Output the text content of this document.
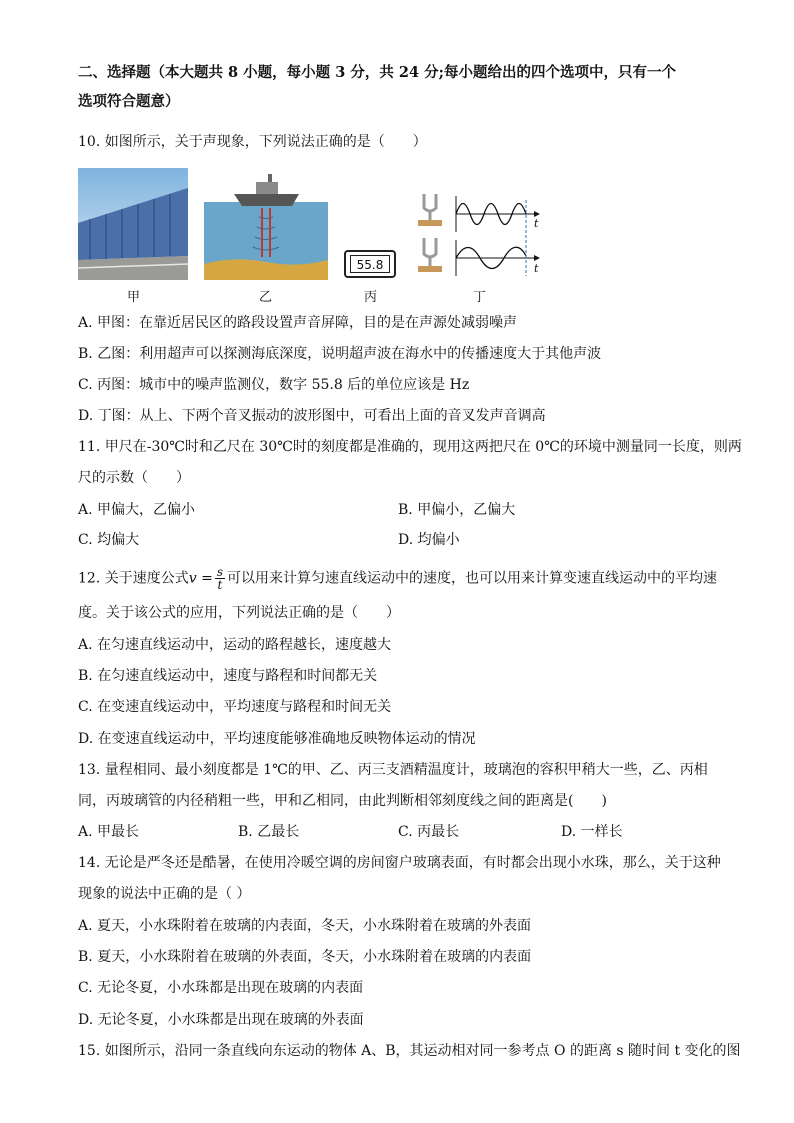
二、选择题（本大题共 8 小题，每小题 3 分，共 24 分;每小题给出的四个选项中，只有一个
选项符合题意）
10. 如图所示，关于声现象，下列说法正确的是（　　）
甲	乙
55.8
丙
t
t
丁
A. 甲图：在靠近居民区的路段设置声音屏障，目的是在声源处减弱噪声
B. 乙图：利用超声可以探测海底深度，说明超声波在海水中的传播速度大于其他声波
C. 丙图：城市中的噪声监测仪，数字 55.8 后的单位应该是 Hz
D. 丁图：从上、下两个音叉振动的波形图中，可看出上面的音叉发声音调高
11. 甲尺在-30℃时和乙尺在 30℃时的刻度都是准确的，现用这两把尺在 0℃的环境中测量同一长度，则两
尺的示数（　　）
A. 甲偏大，乙偏小	B. 甲偏小，乙偏大
C. 均偏大	D. 均偏小
12. 关于速度公式$v = \frac{s}{t}$ 可以用来计算匀速直线运动中的速度，也可以用来计算变速直线运动中的平均速
度。关于该公式的应用，下列说法正确的是（　　）
A. 在匀速直线运动中，运动的路程越长，速度越大
B. 在匀速直线运动中，速度与路程和时间都无关
C. 在变速直线运动中，平均速度与路程和时间无关
D. 在变速直线运动中，平均速度能够准确地反映物体运动的情况
13. 量程相同、最小刻度都是 1℃的甲、乙、丙三支酒精温度计，玻璃泡的容积甲稍大一些，乙、丙相
同，丙玻璃管的内径稍粗一些，甲和乙相同，由此判断相邻刻度线之间的距离是(　　)
A. 甲最长	B. 乙最长	C. 丙最长	D. 一样长
14. 无论是严冬还是酷暑，在使用冷暖空调的房间窗户玻璃表面，有时都会出现小水珠，那么，关于这种
现象的说法中正确的是（ ）
A. 夏天，小水珠附着在玻璃的内表面，冬天，小水珠附着在玻璃的外表面
B. 夏天，小水珠附着在玻璃的外表面，冬天，小水珠附着在玻璃的内表面
C. 无论冬夏，小水珠都是出现在玻璃的内表面
D. 无论冬夏，小水珠都是出现在玻璃的外表面
15. 如图所示，沿同一条直线向东运动的物体 A、B，其运动相对同一参考点 O 的距离 s 随时间 t 变化的图
